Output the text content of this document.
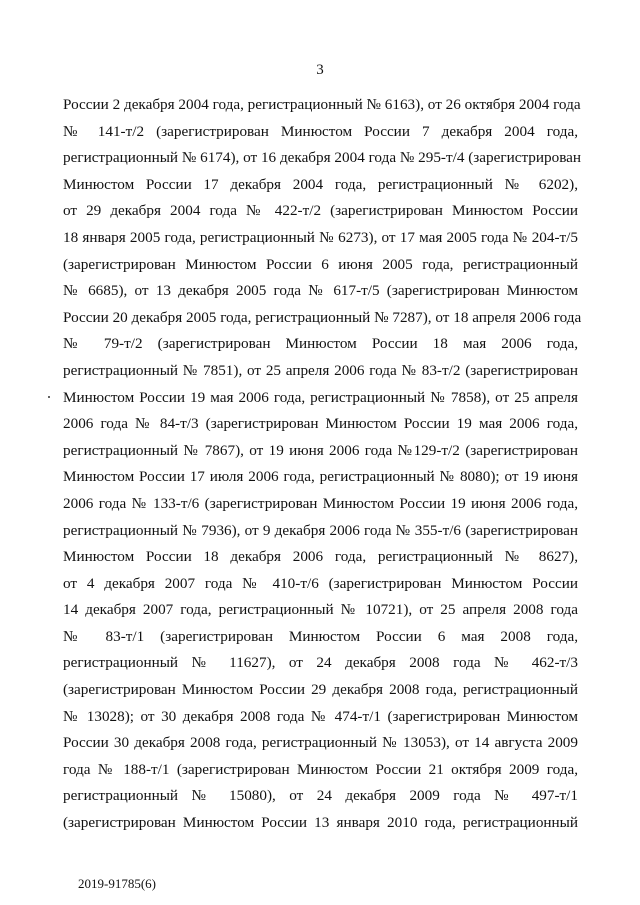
3
России 2 декабря 2004 года, регистрационный № 6163), от 26 октября 2004 года
№ 141-т/2 (зарегистрирован Минюстом России 7 декабря 2004 года,
регистрационный № 6174), от 16 декабря 2004 года № 295-т/4 (зарегистрирован
Минюстом России 17 декабря 2004 года, регистрационный № 6202),
от 29 декабря 2004 года № 422-т/2 (зарегистрирован Минюстом России
18 января 2005 года, регистрационный № 6273), от 17 мая 2005 года № 204-т/5
(зарегистрирован Минюстом России 6 июня 2005 года, регистрационный
№ 6685), от 13 декабря 2005 года № 617-т/5 (зарегистрирован Минюстом
России 20 декабря 2005 года, регистрационный № 7287), от 18 апреля 2006 года
№ 79-т/2 (зарегистрирован Минюстом России 18 мая 2006 года,
регистрационный № 7851), от 25 апреля 2006 года № 83-т/2 (зарегистрирован
Минюстом России 19 мая 2006 года, регистрационный № 7858), от 25 апреля
2006 года № 84-т/3 (зарегистрирован Минюстом России 19 мая 2006 года,
регистрационный № 7867), от 19 июня 2006 года №129-т/2 (зарегистрирован
Минюстом России 17 июля 2006 года, регистрационный № 8080); от 19 июня
2006 года № 133-т/6 (зарегистрирован Минюстом России 19 июня 2006 года,
регистрационный № 7936), от 9 декабря 2006 года № 355-т/6 (зарегистрирован
Минюстом России 18 декабря 2006 года, регистрационный № 8627),
от 4 декабря 2007 года № 410-т/6 (зарегистрирован Минюстом России
14 декабря 2007 года, регистрационный № 10721), от 25 апреля 2008 года
№ 83-т/1 (зарегистрирован Минюстом России 6 мая 2008 года,
регистрационный № 11627), от 24 декабря 2008 года № 462-т/3
(зарегистрирован Минюстом России 29 декабря 2008 года, регистрационный
№ 13028); от 30 декабря 2008 года № 474-т/1 (зарегистрирован Минюстом
России 30 декабря 2008 года, регистрационный № 13053), от 14 августа 2009
года № 188-т/1 (зарегистрирован Минюстом России 21 октября 2009 года,
регистрационный № 15080), от 24 декабря 2009 года № 497-т/1
(зарегистрирован Минюстом России 13 января 2010 года, регистрационный
2019-91785(6)
